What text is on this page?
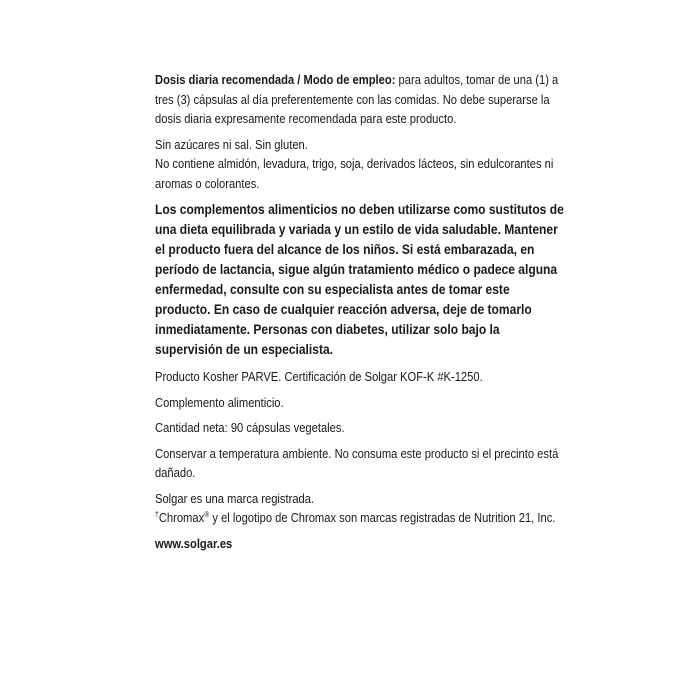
Dosis diaria recomendada / Modo de empleo: para adultos, tomar de una (1) a tres (3) cápsulas al día preferentemente con las comidas. No debe superarse la dosis diaria expresamente recomendada para este producto.

Sin azúcares ni sal. Sin gluten.

No contiene almidón, levadura, trigo, soja, derivados lácteos, sin edulcorantes ni aromas o colorantes.

Los complementos alimenticios no deben utilizarse como sustitutos de una dieta equilibrada y variada y un estilo de vida saludable. Mantener el producto fuera del alcance de los niños. Si está embarazada, en período de lactancia, sigue algún tratamiento médico o padece alguna enfermedad, consulte con su especialista antes de tomar este producto. En caso de cualquier reacción adversa, deje de tomarlo inmediatamente. Personas con diabetes, utilizar solo bajo la supervisión de un especialista.

Producto Kosher PARVE. Certificación de Solgar KOF-K #K-1250.

Complemento alimenticio.

Cantidad neta: 90 cápsulas vegetales.

Conservar a temperatura ambiente. No consuma este producto si el precinto está dañado.

Solgar es una marca registrada.

†Chromax® y el logotipo de Chromax son marcas registradas de Nutrition 21, Inc.

www.solgar.es
